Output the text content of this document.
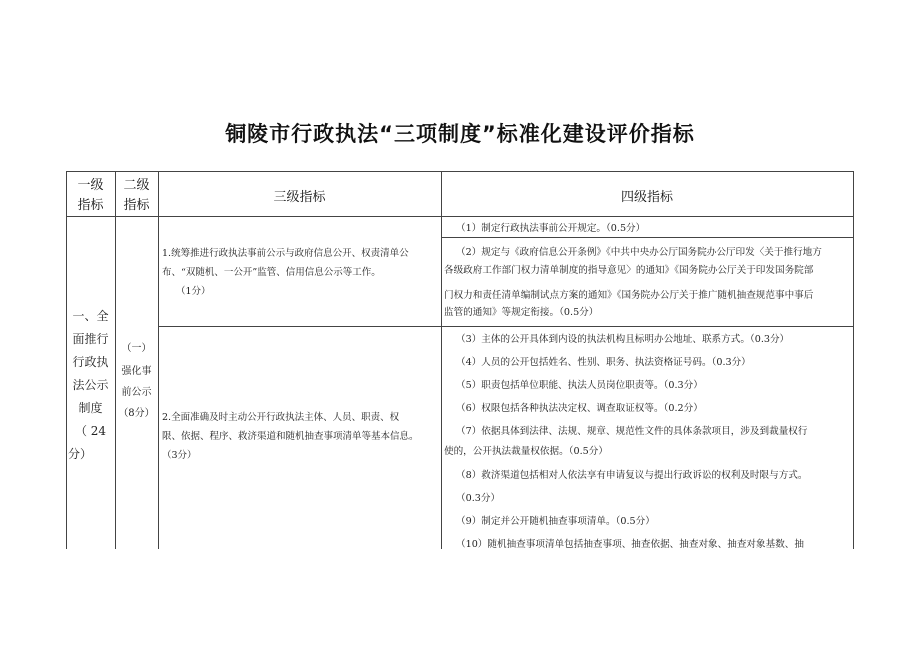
铜陵市行政执法“三项制度”标准化建设评价指标
一级
指标
二级
指标
三级指标	四级指标
一、全
面推行
行政执
法公示
制度
（ 24
分）
（一）
强化事
前公示
（8分）
1.统筹推进行政执法事前公示与政府信息公开、权责清单公
布、“双随机、一公开”监管、信用信息公示等工作。
（1分）
2.全面准确及时主动公开行政执法主体、人员、职责、权
限、依据、程序、救济渠道和随机抽查事项清单等基本信息。
（3分）
（1）制定行政执法事前公开规定。（0.5分）
（2）规定与《政府信息公开条例》《中共中央办公厅国务院办公厅印发〈关于推行地方
各级政府工作部门权力清单制度的指导意见〉的通知》《国务院办公厅关于印发国务院部
门权力和责任清单编制试点方案的通知》《国务院办公厅关于推广随机抽查规范事中事后
监管的通知》等规定衔接。（0.5分）
（3）主体的公开具体到内设的执法机构且标明办公地址、联系方式。（0.3分）
（4）人员的公开包括姓名、性别、职务、执法资格证号码。（0.3分）
（5）职责包括单位职能、执法人员岗位职责等。（0.3分）
（6）权限包括各种执法决定权、调查取证权等。（0.2分）
（7）依据具体到法律、法规、规章、规范性文件的具体条款项目，涉及到裁量权行
使的，公开执法裁量权依据。（0.5分）
（8）救济渠道包括相对人依法享有申请复议与提出行政诉讼的权利及时限与方式。
（0.3分）
（9）制定并公开随机抽查事项清单。（0.5分）
（10）随机抽查事项清单包括抽查事项、抽查依据、抽查对象、抽查对象基数、抽
